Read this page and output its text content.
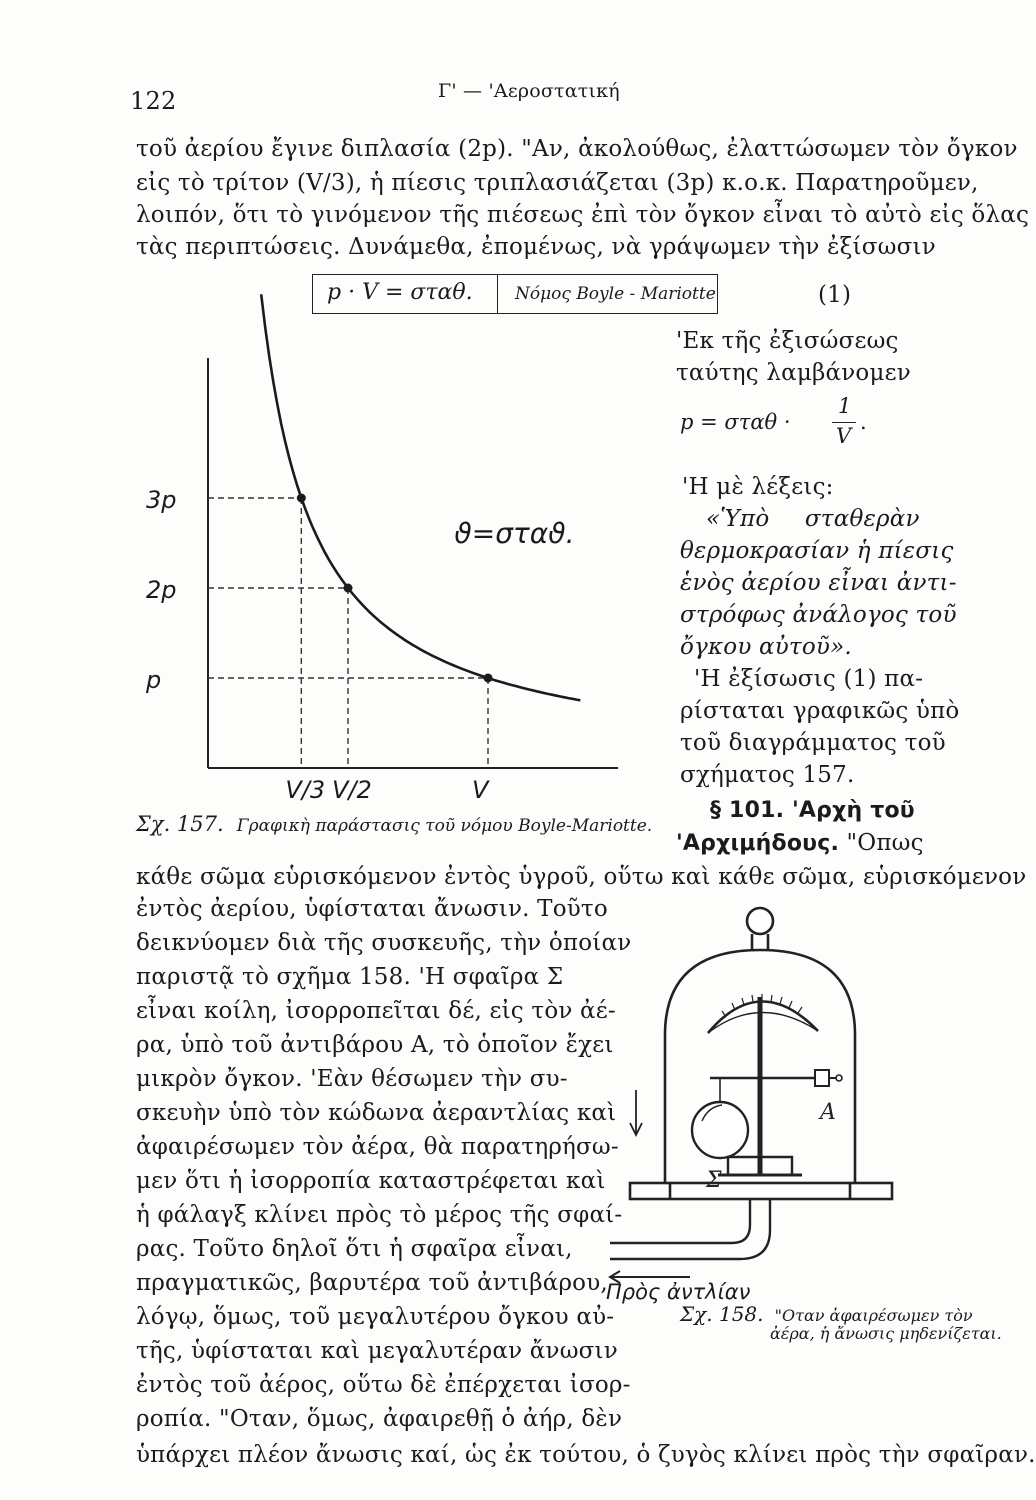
122	Γ' — 'Αεροστατική
τοῦ ἀερίου ἔγινε διπλασία (2p). "Αν, ἀκολούθως, ἐλαττώσωμεν τὸν ὄγκον
εἰς τὸ τρίτον (V/3), ἡ πίεσις τριπλασιάζεται (3p) κ.ο.κ. Παρατηροῦμεν,
λοιπόν, ὅτι τὸ γινόμενον τῆς πιέσεως ἐπὶ τὸν ὄγκον εἶναι τὸ αὐτὸ εἰς ὅλας
τὰς περιπτώσεις. Δυνάμεθα, ἐπομένως, νὰ γράψωμεν τὴν ἐξίσωσιν
p · V = σταθ. Νόμος Boyle - Mariotte	(1)
3p
2p
p
V/3 V/2	V
ϑ=σταϑ.
Σχ. 157. Γραφικὴ παράστασις τοῦ νόμου Boyle-Mariotte.
'Εκ τῆς ἐξισώσεως
ταύτης λαμβάνομεν
p = σταθ ·
1
V
.
'Η μὲ λέξεις:
«Ὑπὸ σταθερὰν
θερμοκρασίαν ἡ πίεσις
ἑνὸς ἀερίου εἶναι ἀντι-
στρόφως ἀνάλογος τοῦ
ὄγκου αὐτοῦ».
'Η ἐξίσωσις (1) πα-
ρίσταται γραφικῶς ὑπὸ
τοῦ διαγράμματος τοῦ
σχήματος 157.
§ 101. 'Αρχὴ τοῦ
'Αρχιμήδους. "Οπως
κάθε σῶμα εὑρισκόμενον ἐντὸς ὑγροῦ, οὕτω καὶ κάθε σῶμα, εὑρισκόμενον
ἐντὸς ἀερίου, ὑφίσταται ἄνωσιν. Τοῦτο
δεικνύομεν διὰ τῆς συσκευῆς, τὴν ὁποίαν
παριστᾷ τὸ σχῆμα 158. 'Η σφαῖρα Σ
εἶναι κοίλη, ἰσορροπεῖται δέ, εἰς τὸν ἀέ-
ρα, ὑπὸ τοῦ ἀντιβάρου Α, τὸ ὁποῖον ἔχει
μικρὸν ὄγκον. 'Εὰν θέσωμεν τὴν συ-
σκευὴν ὑπὸ τὸν κώδωνα ἀεραντλίας καὶ
ἀφαιρέσωμεν τὸν ἀέρα, θὰ παρατηρήσω-
μεν ὅτι ἡ ἰσορροπία καταστρέφεται καὶ
ἡ φάλαγξ κλίνει πρὸς τὸ μέρος τῆς σφαί-
ρας. Τοῦτο δηλοῖ ὅτι ἡ σφαῖρα εἶναι,
πραγματικῶς, βαρυτέρα τοῦ ἀντιβάρου,
λόγῳ, ὅμως, τοῦ μεγαλυτέρου ὄγκου αὐ-
τῆς, ὑφίσταται καὶ μεγαλυτέραν ἄνωσιν
ἐντὸς τοῦ ἀέρος, οὕτω δὲ ἐπέρχεται ἰσορ-
ροπία. "Οταν, ὅμως, ἀφαιρεθῇ ὁ ἀήρ, δὲν
ὑπάρχει πλέον ἄνωσις καί, ὡς ἐκ τούτου, ὁ ζυγὸς κλίνει πρὸς τὴν σφαῖραν.
Α
Σ
Πρὸς ἀντλίαν
Σχ. 158. "Οταν ἀφαιρέσωμεν τὸν
ἀέρα, ἡ ἄνωσις μηδενίζεται.
